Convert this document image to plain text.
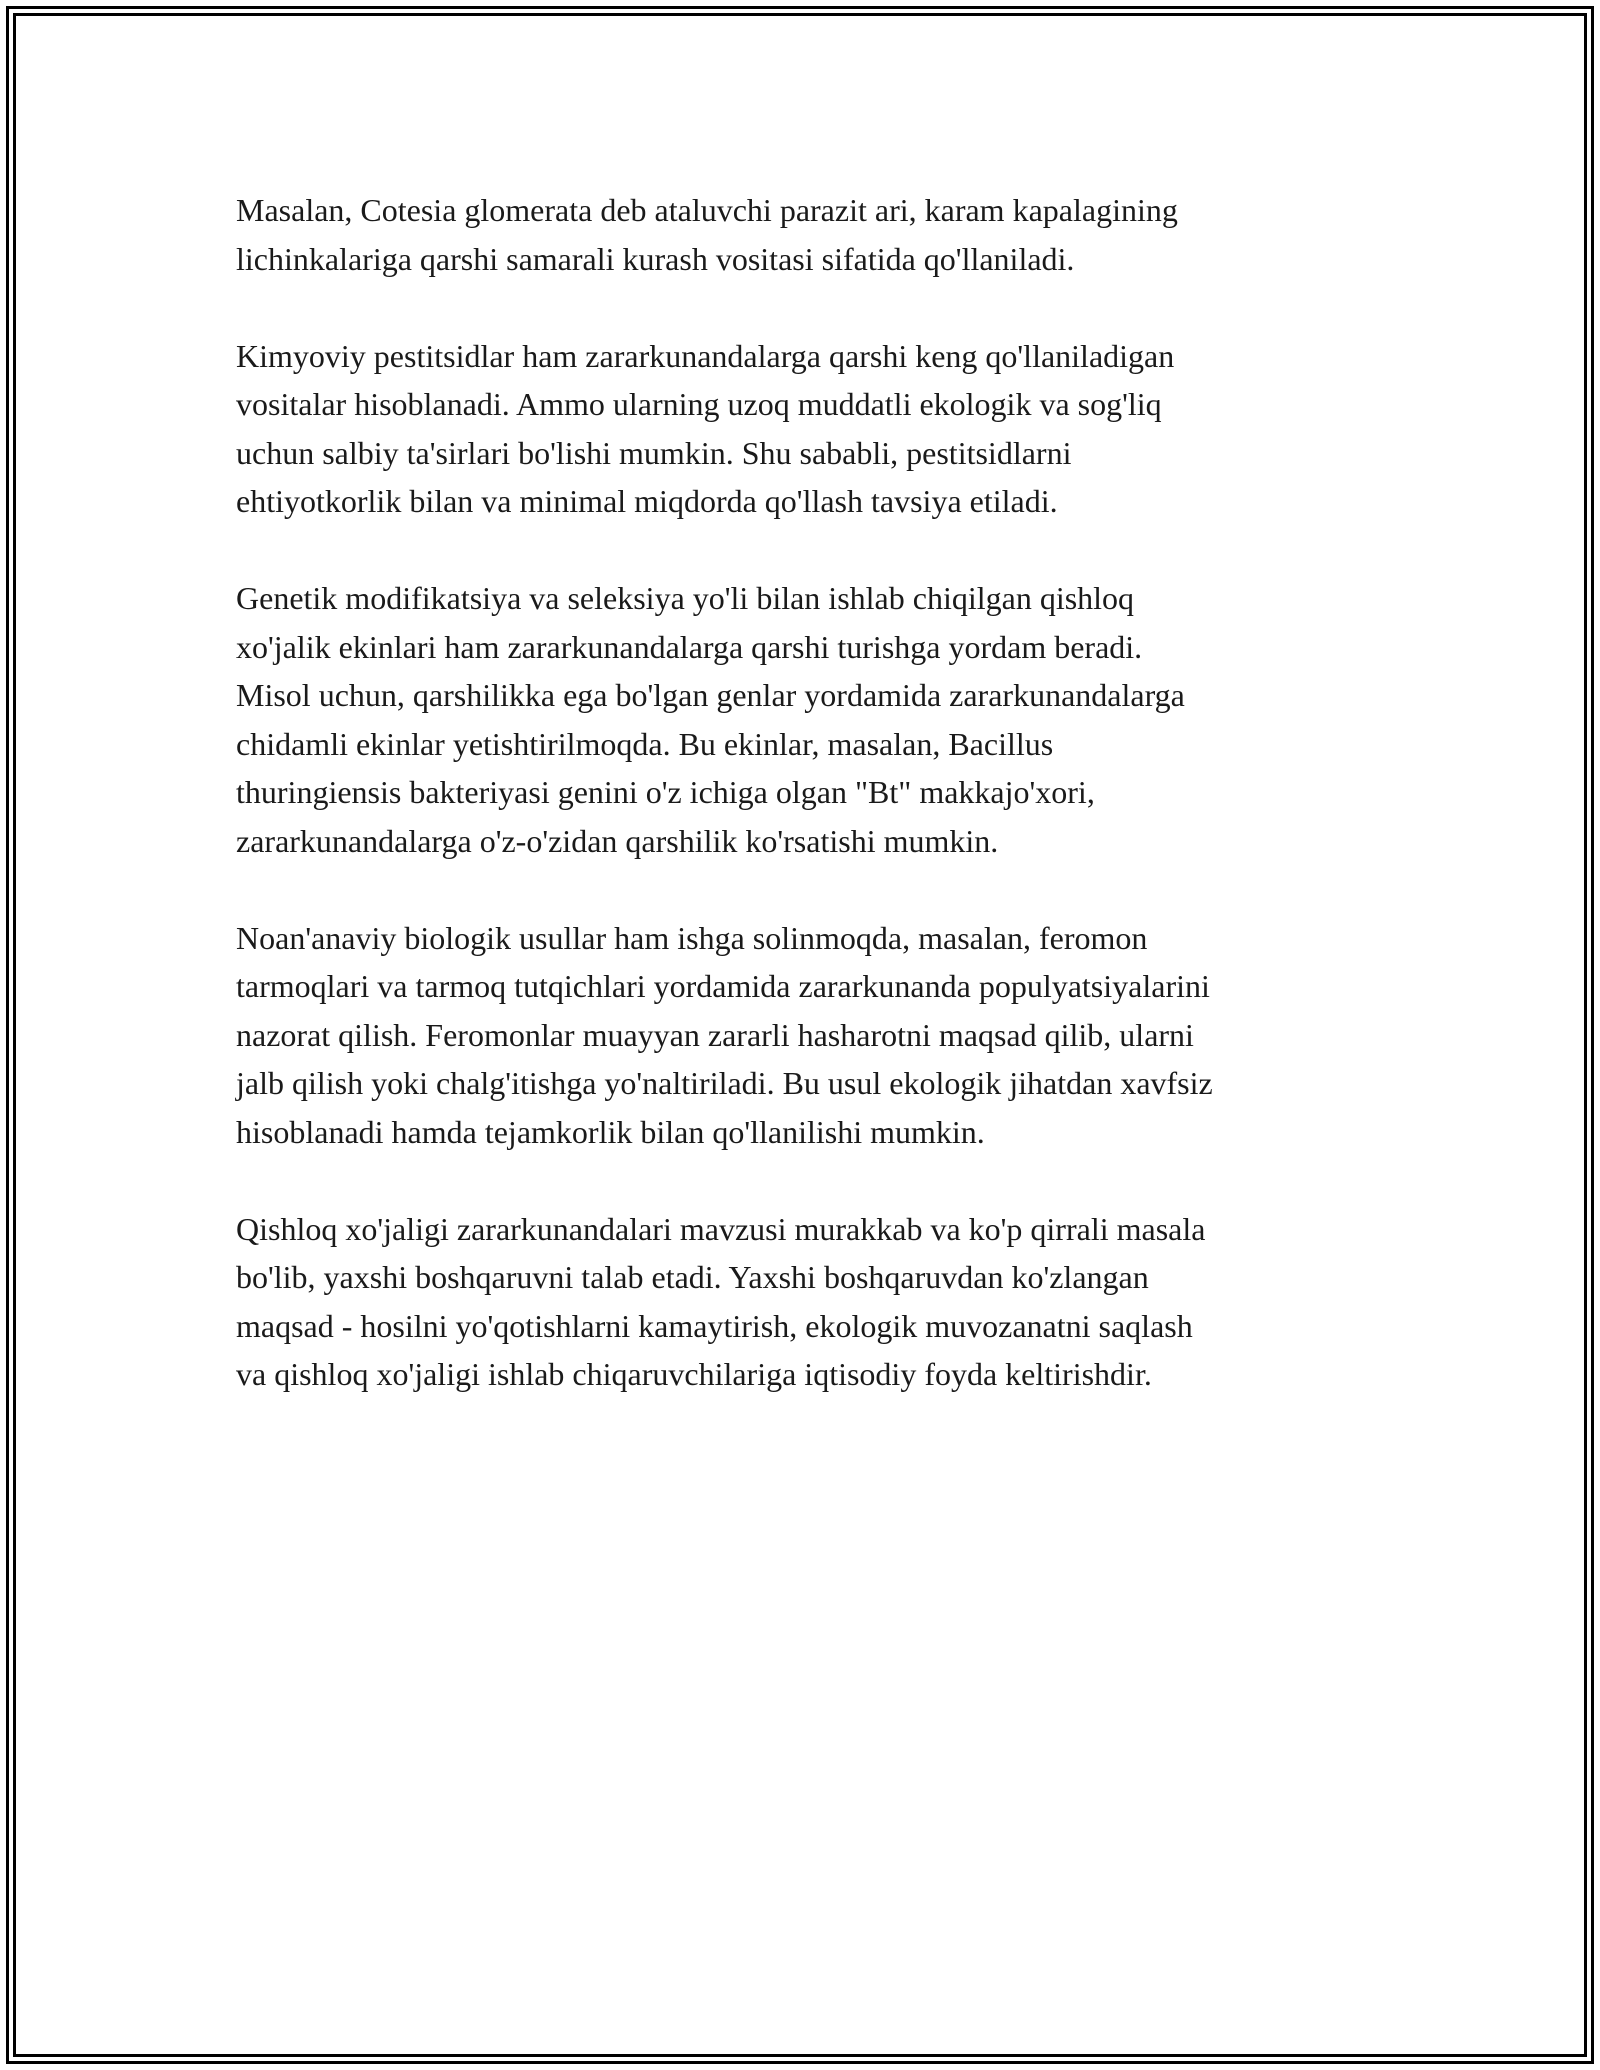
Masalan, Cotesia glomerata deb ataluvchi parazit ari, karam kapalagining
lichinkalariga qarshi samarali kurash vositasi sifatida qo'llaniladi.

Kimyoviy pestitsidlar ham zararkunandalarga qarshi keng qo'llaniladigan
vositalar hisoblanadi. Ammo ularning uzoq muddatli ekologik va sog'liq
uchun salbiy ta'sirlari bo'lishi mumkin. Shu sababli, pestitsidlarni
ehtiyotkorlik bilan va minimal miqdorda qo'llash tavsiya etiladi.

Genetik modifikatsiya va seleksiya yo'li bilan ishlab chiqilgan qishloq
xo'jalik ekinlari ham zararkunandalarga qarshi turishga yordam beradi.
Misol uchun, qarshilikka ega bo'lgan genlar yordamida zararkunandalarga
chidamli ekinlar yetishtirilmoqda. Bu ekinlar, masalan, Bacillus
thuringiensis bakteriyasi genini o'z ichiga olgan "Bt" makkajo'xori,
zararkunandalarga o'z-o'zidan qarshilik ko'rsatishi mumkin.

Noan'anaviy biologik usullar ham ishga solinmoqda, masalan, feromon
tarmoqlari va tarmoq tutqichlari yordamida zararkunanda populyatsiyalarini
nazorat qilish. Feromonlar muayyan zararli hasharotni maqsad qilib, ularni
jalb qilish yoki chalg'itishga yo'naltiriladi. Bu usul ekologik jihatdan xavfsiz
hisoblanadi hamda tejamkorlik bilan qo'llanilishi mumkin.

Qishloq xo'jaligi zararkunandalari mavzusi murakkab va ko'p qirrali masala
bo'lib, yaxshi boshqaruvni talab etadi. Yaxshi boshqaruvdan ko'zlangan
maqsad - hosilni yo'qotishlarni kamaytirish, ekologik muvozanatni saqlash
va qishloq xo'jaligi ishlab chiqaruvchilariga iqtisodiy foyda keltirishdir.
